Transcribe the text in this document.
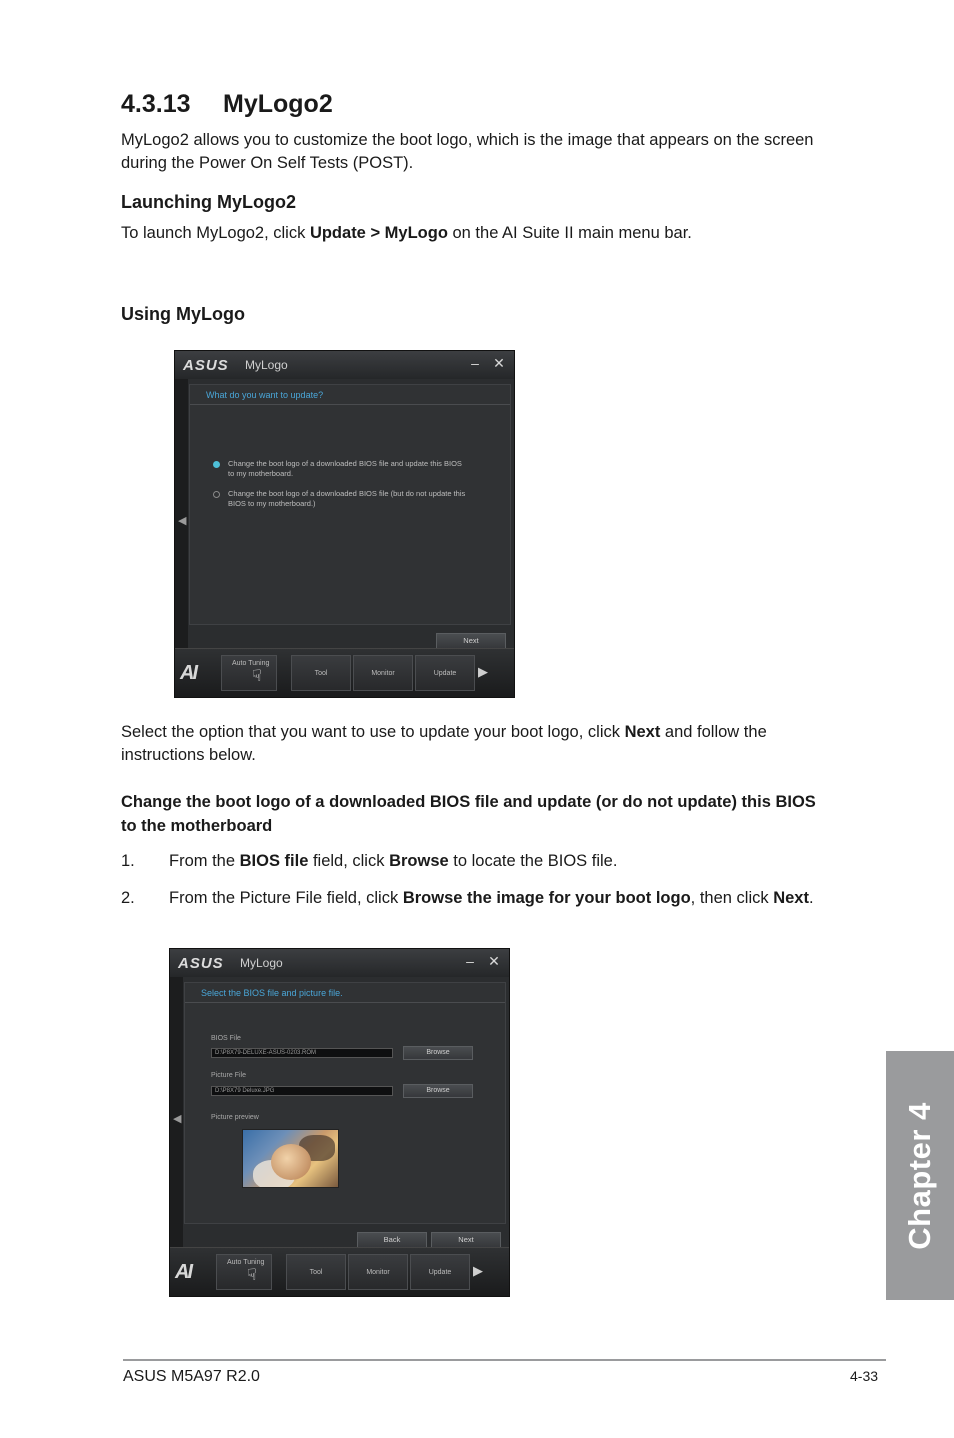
4.3.13 MyLogo2
MyLogo2 allows you to customize the boot logo, which is the image that appears on the screen during the Power On Self Tests (POST).
Launching MyLogo2
To launch MyLogo2, click Update > MyLogo on the AI Suite II main menu bar.
Using MyLogo
ASUS MyLogo	–	✕
◀
What do you want to update?
Change the boot logo of a downloaded BIOS file and update this BIOS to my motherboard.
Change the boot logo of a downloaded BIOS file (but do not update this BIOS to my motherboard.)
Next
AI	Auto Tuning
☟	Tool	Monitor	Update	▶
Select the option that you want to use to update your boot logo, click Next and follow the instructions below.
Change the boot logo of a downloaded BIOS file and update (or do not update) this BIOS to the motherboard
1. From the BIOS file field, click Browse to locate the BIOS file.
2. From the Picture File field, click Browse the image for your boot logo, then click Next.
ASUS MyLogo	–	✕
◀
Select the BIOS file and picture file.
BIOS File
D:\P8X79-DELUXE-ASUS-0203.ROM	Browse
Picture File
D:\P8X79 Deluxe.JPG	Browse
Picture preview
Back	Next
AI	Auto Tuning
☟	Tool	Monitor	Update	▶
Chapter 4
ASUS M5A97 R2.0	4-33
